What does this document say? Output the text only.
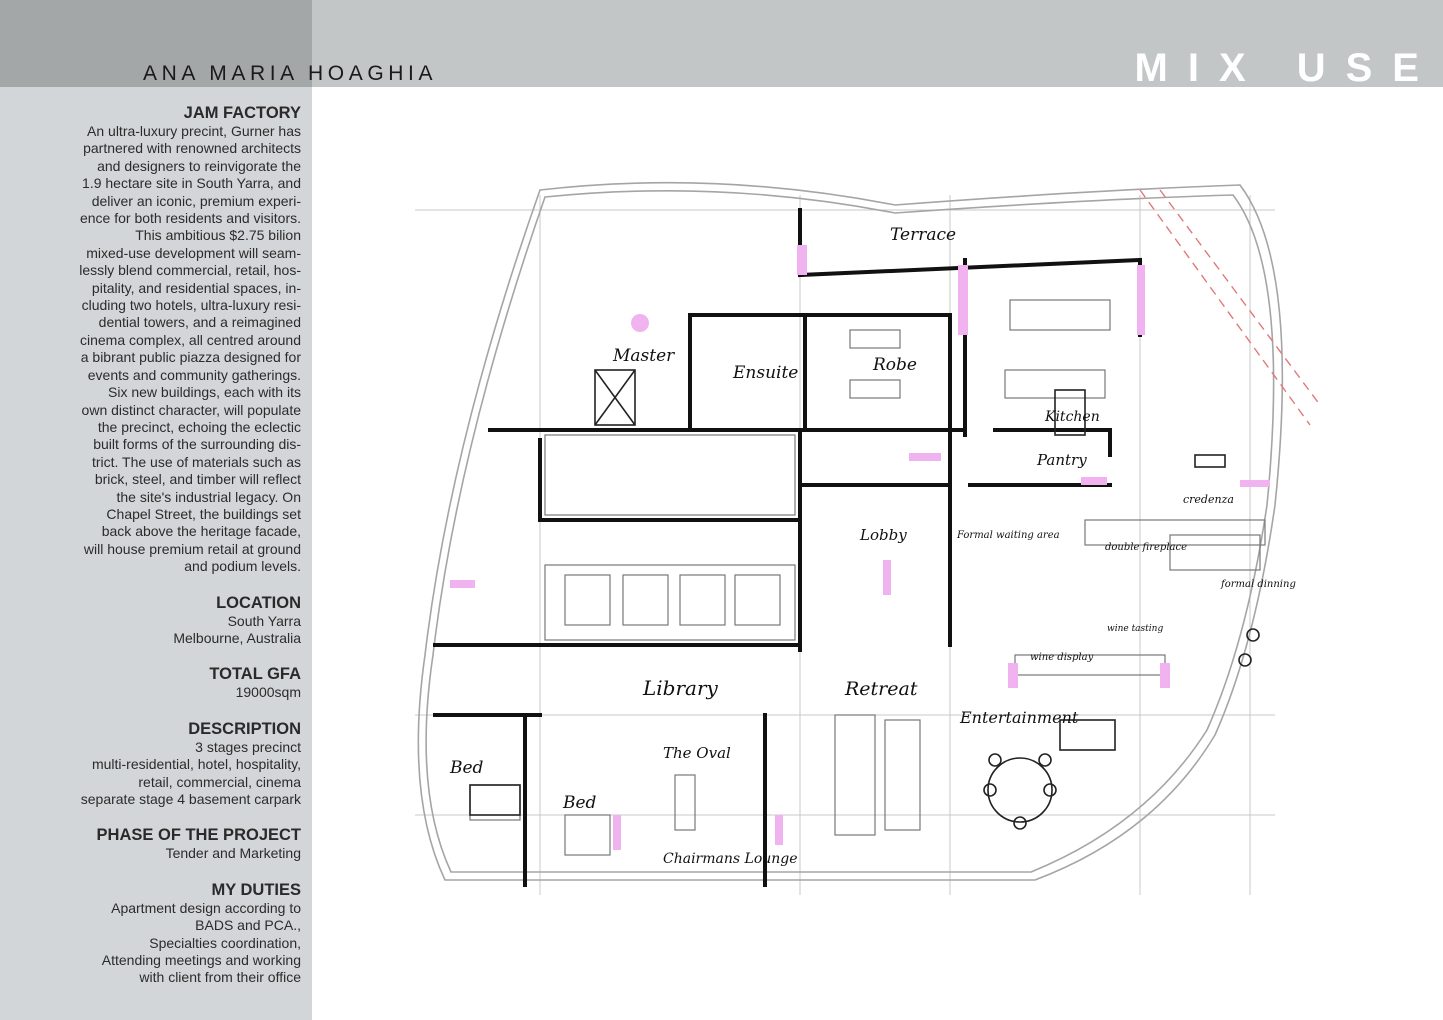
ANA MARIA HOAGHIA	MIX USE
JAM FACTORY

An ultra-luxury precint, Gurner has
partnered with renowned architects
and designers to reinvigorate the
1.9 hectare site in South Yarra, and
deliver an iconic, premium experi-
ence for both residents and visitors.
This ambitious $2.75 bilion
mixed-use development will seam-
lessly blend commercial, retail, hos-
pitality, and residential spaces, in-
cluding two hotels, ultra-luxury resi-
dential towers, and a reimagined
cinema complex, all centred around
a bibrant public piazza designed for
events and community gatherings.
Six new buildings, each with its
own distinct character, will populate
the precinct, echoing the eclectic
built forms of the surrounding dis-
trict. The use of materials such as
brick, steel, and timber will reflect
the site's industrial legacy. On
Chapel Street, the buildings set
back above the heritage facade,
will house premium retail at ground
and podium levels.

LOCATION

South Yarra
Melbourne, Australia

TOTAL GFA

19000sqm

DESCRIPTION

3 stages precinct
multi-residential, hotel, hospitality,
retail, commercial, cinema
separate stage 4 basement carpark

PHASE OF THE PROJECT

Tender and Marketing

MY DUTIES

Apartment design according to
BADS and PCA.,
Specialties coordination,
Attending meetings and working
with client from their office

Terrace
Master
Ensuite	Robe
Kitchen
Pantry
credenza
Lobby	Formal waiting area
double fireplace
formal dinning
wine tasting
wine display
Library	Retreat
Entertainment
Bed
Bed
The Oval
Chairmans Lounge
